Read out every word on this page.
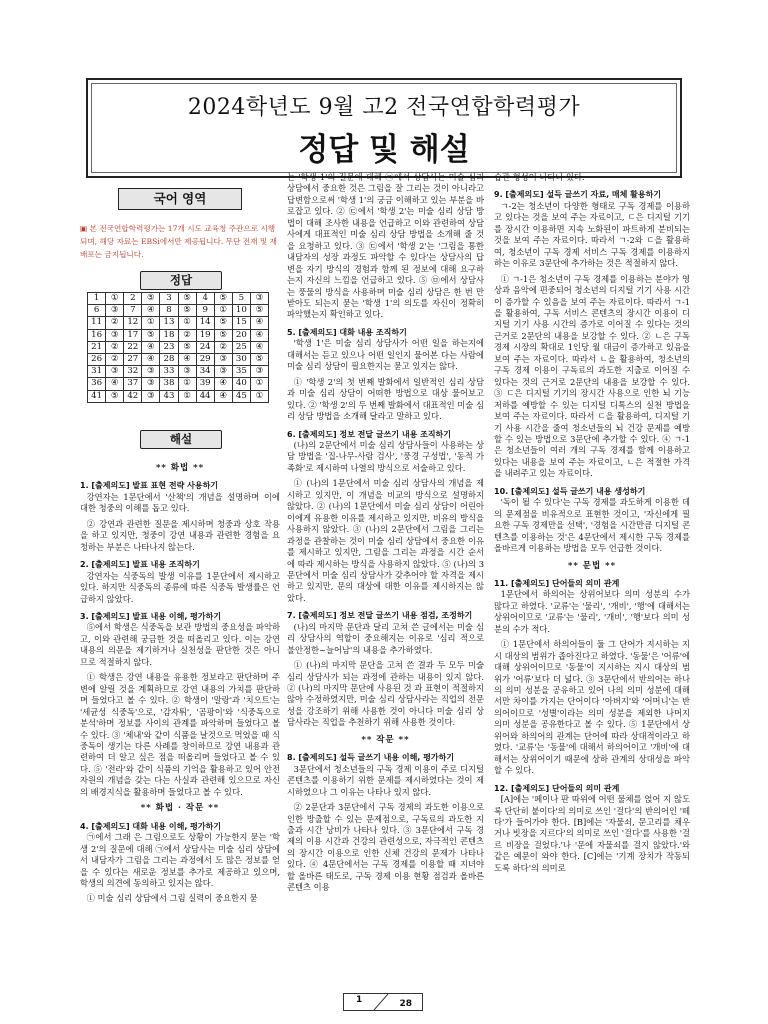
2024학년도 9월 고2 전국연합학력평가
정답 및 해설
국어 영역
▣ 본 전국연합학력평가는 17개 시도 교육청 주관으로 시행되며, 해당 자료는 EBSi에서만 제공됩니다. 무단 전재 및 재배포는 금지됩니다.
정답
1	①	2	⑤	3	⑤	4	⑤	5	③
6	③	7	④	8	⑤	9	①	10	⑤
11	②	12	①	13	①	14	⑤	15	④
16	③	17	⑤	18	②	19	⑤	20	④
21	②	22	④	23	⑤	24	②	25	④
26	②	27	④	28	④	29	③	30	⑤
31	③	32	③	33	③	34	③	35	③
36	④	37	③	38	①	39	④	40	①
41	⑤	42	③	43	①	44	④	45	①
해설
** 화법 **
1. [출제의도] 발표 표현 전략 사용하기

강연자는 1문단에서 '산책'의 개념을 설명하며 이에 대한 청중의 이해를 돕고 있다.

② 강연과 관련한 질문을 제시하며 청중과 상호 작용을 하고 있지만, 청중이 강연 내용과 관련한 경험을 요청하는 부분은 나타나지 않는다.

2. [출제의도] 발표 내용 조직하기

강연자는 식중독의 발생 이유를 1문단에서 제시하고 있다. 하지만 식중독의 종류에 따른 식중독 발생률은 언급하지 않았다.

3. [출제의도] 발표 내용 이해, 평가하기

⑤에서 학생은 식중독을 보관 방법의 중요성을 파악하고, 이와 관련해 궁금한 것을 떠올리고 있다. 이는 강연 내용의 의문을 제기하거나 실천성을 판단한 것은 아니므로 적절하지 않다.

① 학생은 강연 내용을 유용한 정보라고 판단하며 주변에 알릴 것을 계획하므로 강연 내용의 가치를 판단하며 들었다고 볼 수 있다. ② 학생이 '말랑'과 '치으트'는 '세균성 식중독'으로, '감자튀', '곰팡이'와 '식중독으로 분석'하며 정보를 사이의 관계를 파악하며 들었다고 볼 수 있다. ③ '체내'와 같이 식품을 날것으로 먹었을 때 식중독이 생기는 다른 사례를 창이하므로 강연 내용과 관련하여 더 알고 싶은 점을 떠올리며 들었다고 볼 수 있다. ⑤ '전라'와 같이 식품의 기억을 활용하고 있어 안전 자원의 개념을 갖는 다는 사실과 관련해 있으므로 자신의 배경지식을 활용하며 들었다고 볼 수 있다.

** 화법 · 작문 **
4. [출제의도] 대화 내용 이해, 평가하기

㉠에서 그래 은 그림으로도 상황이 가능한지 묻는 '학생 2'의 질문에 대해 ㉠에서 상담사는 미술 심리 상담에서 내담자가 그림을 그리는 과정에서 도 많은 정보를 얻을 수 있다는 새로운 정보를 추가로 제공하고 있으며, 학생의 의견에 동의하고 있지는 않다.

① 미술 심리 상담에서 그림 실력이 중요한지 묻

는 '학생 1'의 질문에 대해 ㉠에서 상담사는 미술 심리 상담에서 중요한 것은 그림을 잘 그리는 것이 아니라고 답변함으로써 '학생 1'의 궁금 이해하고 있는 부분을 바로잡고 있다. ② ㉢에서 '학생 2'는 미술 심리 상담 방법이 대해 조사한 내용을 언급하고 이와 관련하여 상담사에게 대표적인 미술 심리 상담 방법을 소개해 줄 것을 요청하고 있다. ③ ㉢에서 '학생 2'는 '그림을 통한 내담자의 성장 과정도 파악할 수 있다'는 상담사의 답변을 자기 방식의 경험과 함께 된 정보에 대해 요구하는지 자신의 느낌을 언급하고 있다. ⑤ ㉤에서 상담사는 풍물의 방식을 사용하며 미술 심리 상담은 한 번 만 받아도 되는지 묻는 '학생 1'의 의도를 자신이 정확히 파악했는지 확인하고 있다.

5. [출제의도] 대화 내용 조직하기

'학생 1'은 미술 심리 상담사가 어떤 일을 하는지에 대해서는 듣고 있으나 어떤 일인지 물어본 다는 사람에 미술 심리 상담이 필요한지는 묻고 있지는 않다.

① '학생 2'의 첫 번째 발화에서 일반적인 심리 상담과 미술 심리 상담이 어떠한 방법으로 대상 물어보고 있다. ② '학생 2'의 두 번째 발화에서 대표적인 미술 심리 상담 방법을 소개해 달라고 말하고 있다.

6. [출제의도] 정보 전달 글쓰기 내용 조직하기

(나)의 2문단에서 미술 심리 상담사들이 사용하는 상담 방법을 '집-나무-사람 검사', '풍경 구성법', '동적 가족화'로 제시하여 나열의 방식으로 서술하고 있다.

① (나)의 1문단에서 미술 심리 상담사의 개념을 제시하고 있지만, 이 개념을 비교의 방식으로 설명하지 않았다. ② (나)의 1문단에서 미술 심리 상담이 어린아이에게 유용한 이유를 제시하고 있지만, 비유의 방식을 사용하지 않았다. ③ (나)의 2문단에서 그림을 그리는 과정을 관찰하는 것이 미술 심리 상담에서 중요한 이유를 제시하고 있지만, 그림을 그리는 과정을 시간 순서에 따라 제시하는 방식을 사용하지 않았다. ⑤ (나)의 3문단에서 미술 심리 상담사가 갖추어야 할 자격을 제시하고 있지만, 문의 대상에 대한 이유를 제시하지는 않았다.

7. [출제의도] 정보 전달 글쓰기 내용 점검, 조정하기

(나)의 마지막 문단과 달리 고쳐 쓴 글에서는 미술 심리 상담사의 역할이 중요해지는 이유로 '심리 적으로 불안정한~늘어남'의 내용을 추가하였다.

① (나)의 마지막 문단을 고쳐 쓴 결과 두 모두 미술 심리 상담사가 되는 과정에 관하는 내용이 있지 않다. ② (나)의 마지막 문단에 사용된 것 과 표현이 적절하지 않아 수정하였지만, 미술 심리 상담사라는 직업의 전문성을 강조하기 위해 사용한 것이 아니다 미술 심리 상담사라는 직업을 추천하기 위해 사용한 것이다.

** 작문 **
8. [출제의도] 설득 글쓰기 내용 이해, 평가하기

3문단에서 청소년들의 구독 경제 이용이 주로 디지털 콘텐츠를 이용하기 위한 문제를 제시하였다는 것이 제시하였으나 그 이유는 나타나 있지 않다.

② 2문단과 3문단에서 구독 경제의 과도한 이용으로 인한 방출할 수 있는 문제점으로, 구독료의 과도한 지출과 시간 낭비가 나타나 있다. ③ 3문단에서 구독 경제의 이용 시간과 건강의 관련성으로, 자극적인 콘텐츠의 장시간 이용으로 인한 신체 건강의 문제가 나타나 있다. ④ 4문단에서는 구독 경제를 이용할 때 지녀야 할 올바른 태도로, 구독 경제 이용 현황 점검과 올바른 콘텐츠 이용

습관 형성이 나타나 있다.

9. [출제의도] 설득 글쓰기 자료, 매체 활용하기

ㄱ-2는 청소년이 다양한 형태로 구독 경제를 이용하고 있다는 것을 보여 주는 자료이고, ㄷ은 디지털 기기를 장시간 이용하면 지속 노화된이 파트하게 분비되는 것을 보여 주는 자료이다. 따라서 ㄱ-2와 ㄷ을 활용하여, 청소년이 구독 경제 서비스 구독 경제를 이용하지 하는 이유로 3문단에 추가하는 것은 적절하지 않다.

① ㄱ-1은 청소년이 구독 경제를 이용하는 분야가 영상과 음악에 편중되어 청소년의 디지털 기기 사용 시간이 증가할 수 있음을 보여 주는 자료이다. 따라서 ㄱ-1을 활용하여, 구독 서비스 콘텐츠의 장시간 이용이 디지털 기기 사용 시간의 증가로 이어질 수 있다는 것의 근거로 2문단의 내용을 보강할 수 있다. ② ㄴ은 구독 경제 시장의 확대로 1인당 월 대금이 증가하고 있음을 보여 주는 자료이다. 따라서 ㄴ을 활용하여, 청소년의 구독 경제 이용이 구독료의 과도한 지출로 이어질 수 있다는 것의 근거로 2문단의 내용을 보강할 수 있다. ③ ㄷ은 디지털 기기의 장시간 사용으로 인한 뇌 기능 저하를 예방할 수 있는 디지털 디톡스의 실천 방법을 보여 주는 자료이다. 따라서 ㄷ을 활용하여, 디지털 기기 사용 시간을 줄여 청소년들의 뇌 건강 문제를 예방할 수 있는 방법으로 3문단에 추가할 수 있다. ④ ㄱ-1은 청소년들이 여러 개의 구독 경제를 함께 이용하고 있다는 내용을 보여 주는 자료이고, ㄴ은 적절한 가격을 내려주고 있는 자료이다.

10. [출제의도] 설득 글쓰기 내용 생성하기

'독이 될 수 있다'는 구독 경제를 과도하게 이용한 데의 문제점을 비유적으로 표현한 것이고, '자신에게 필요한 구독 경제만을 선택', '경험을 시간만큼 디지털 콘텐츠를 이용하는 것'은 4문단에서 제시한 구독 경제를 올바르게 이용하는 방법을 모두 언급한 것이다.

** 문법 **
11. [출제의도] 단어들의 의미 관계

1문단에서 하의어는 상위어보다 의미 성분의 수가 많다고 하였다. '교류'는 '물리', '개비', '행'에 대해서는 상위어이므로 '교류'는 '물리', '개비', '행'보다 의미 성분의 수가 적다.

① 1문단에서 하의어들이 둘 그 단어가 지시하는 지시 대상의 범위가 좁아진다고 하였다. '동물'은 '어류'에 대해 상위어이므로 '동물'이 지시하는 지시 대상의 범위가 '어류'보다 더 넓다. ③ 3문단에서 반의어는 하나의 의미 성분을 공유하고 있어 나의 의미 성분에 대해서만 차이를 가지는 단어이다 '아버지'와 '어머니'는 반의어이므로 '성별'이라는 의미 성분을 제외한 나머지 의미 성분을 공유한다고 볼 수 있다. ⑤ 1문단에서 상위어와 하의어의 관계는 단어에 따라 상대적이라고 하였다. '교류'는 '동물'에 대해서 하의어이고 '개비'에 대해서는 상위어이기 때문에 상하 관계의 상대성을 파악할 수 있다.

12. [출제의도] 단어들의 의미 관계

[A]에는 '페이나 판 따위에 어떤 물체를 얹어 지 않도록 단단히 붙이다'의 의미로 쓰인 '걸다'의 반의어인 '떼다'가 들어가야 한다. [B]에는 '자물쇠, 문고리를 채우거나 빗장을 지르다'의 의미로 쓰인 '걸다'를 사용한 '걸르 비장을 걸었다.'나 '문에 자물쇠를 걸지 않았다.'와 같은 예문이 와야 한다. [C]에는 '기계 장치가 작동되도록 하다'의 의미로

1	28
